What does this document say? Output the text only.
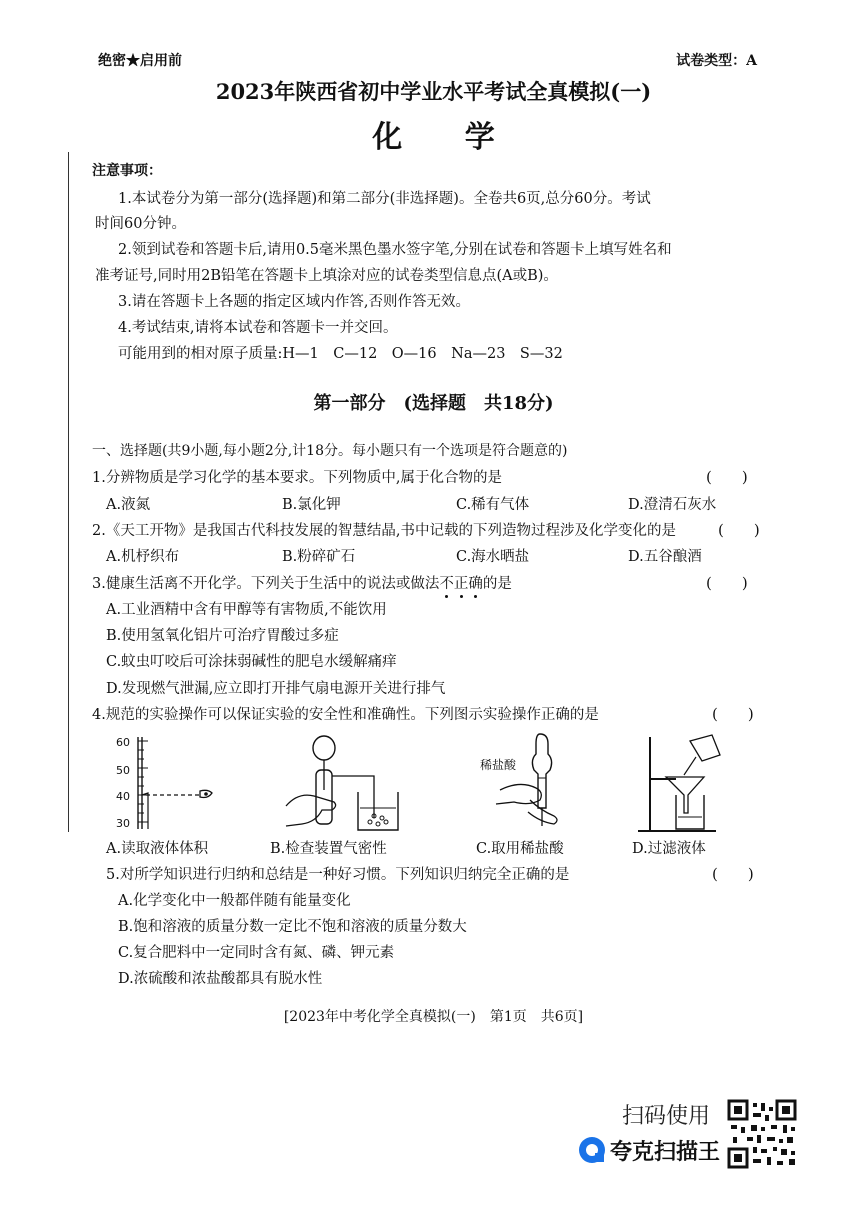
绝密★启用前	试卷类型：A
2023年陕西省初中学业水平考试全真模拟(一)
化 学
注意事项：
1.本试卷分为第一部分(选择题)和第二部分(非选择题)。全卷共6页,总分60分。考试
时间60分钟。
2.领到试卷和答题卡后,请用0.5毫米黑色墨水签字笔,分别在试卷和答题卡上填写姓名和
准考证号,同时用2B铅笔在答题卡上填涂对应的试卷类型信息点(A或B)。
3.请在答题卡上各题的指定区域内作答,否则作答无效。
4.考试结束,请将本试卷和答题卡一并交回。
可能用到的相对原子质量:H—1　C—12　O—16　Na—23　S—32
第一部分　(选择题　共18分)
一、选择题(共9小题,每小题2分,计18分。每小题只有一个选项是符合题意的)
1.分辨物质是学习化学的基本要求。下列物质中,属于化合物的是	(　　)
A.液氮	B.氯化钾	C.稀有气体	D.澄清石灰水
2.《天工开物》是我国古代科技发展的智慧结晶,书中记载的下列造物过程涉及化学变化的是	(　　)
A.机杼织布	B.粉碎矿石	C.海水晒盐	D.五谷酿酒
3.健康生活离不开化学。下列关于生活中的说法或做法不正确的是	(　　)
A.工业酒精中含有甲醇等有害物质,不能饮用
B.使用氢氧化铝片可治疗胃酸过多症
C.蚊虫叮咬后可涂抹弱碱性的肥皂水缓解痛痒
D.发现燃气泄漏,应立即打开排气扇电源开关进行排气
4.规范的实验操作可以保证实验的安全性和准确性。下列图示实验操作正确的是	(　　)
60
50
40
30
稀盐酸
A.读取液体体积	B.检查装置气密性	C.取用稀盐酸	D.过滤液体
5.对所学知识进行归纳和总结是一种好习惯。下列知识归纳完全正确的是	(　　)
A.化学变化中一般都伴随有能量变化
B.饱和溶液的质量分数一定比不饱和溶液的质量分数大
C.复合肥料中一定同时含有氮、磷、钾元素
D.浓硫酸和浓盐酸都具有脱水性
[2023年中考化学全真模拟(一)　第1页　共6页]
扫码使用
夸克扫描王
